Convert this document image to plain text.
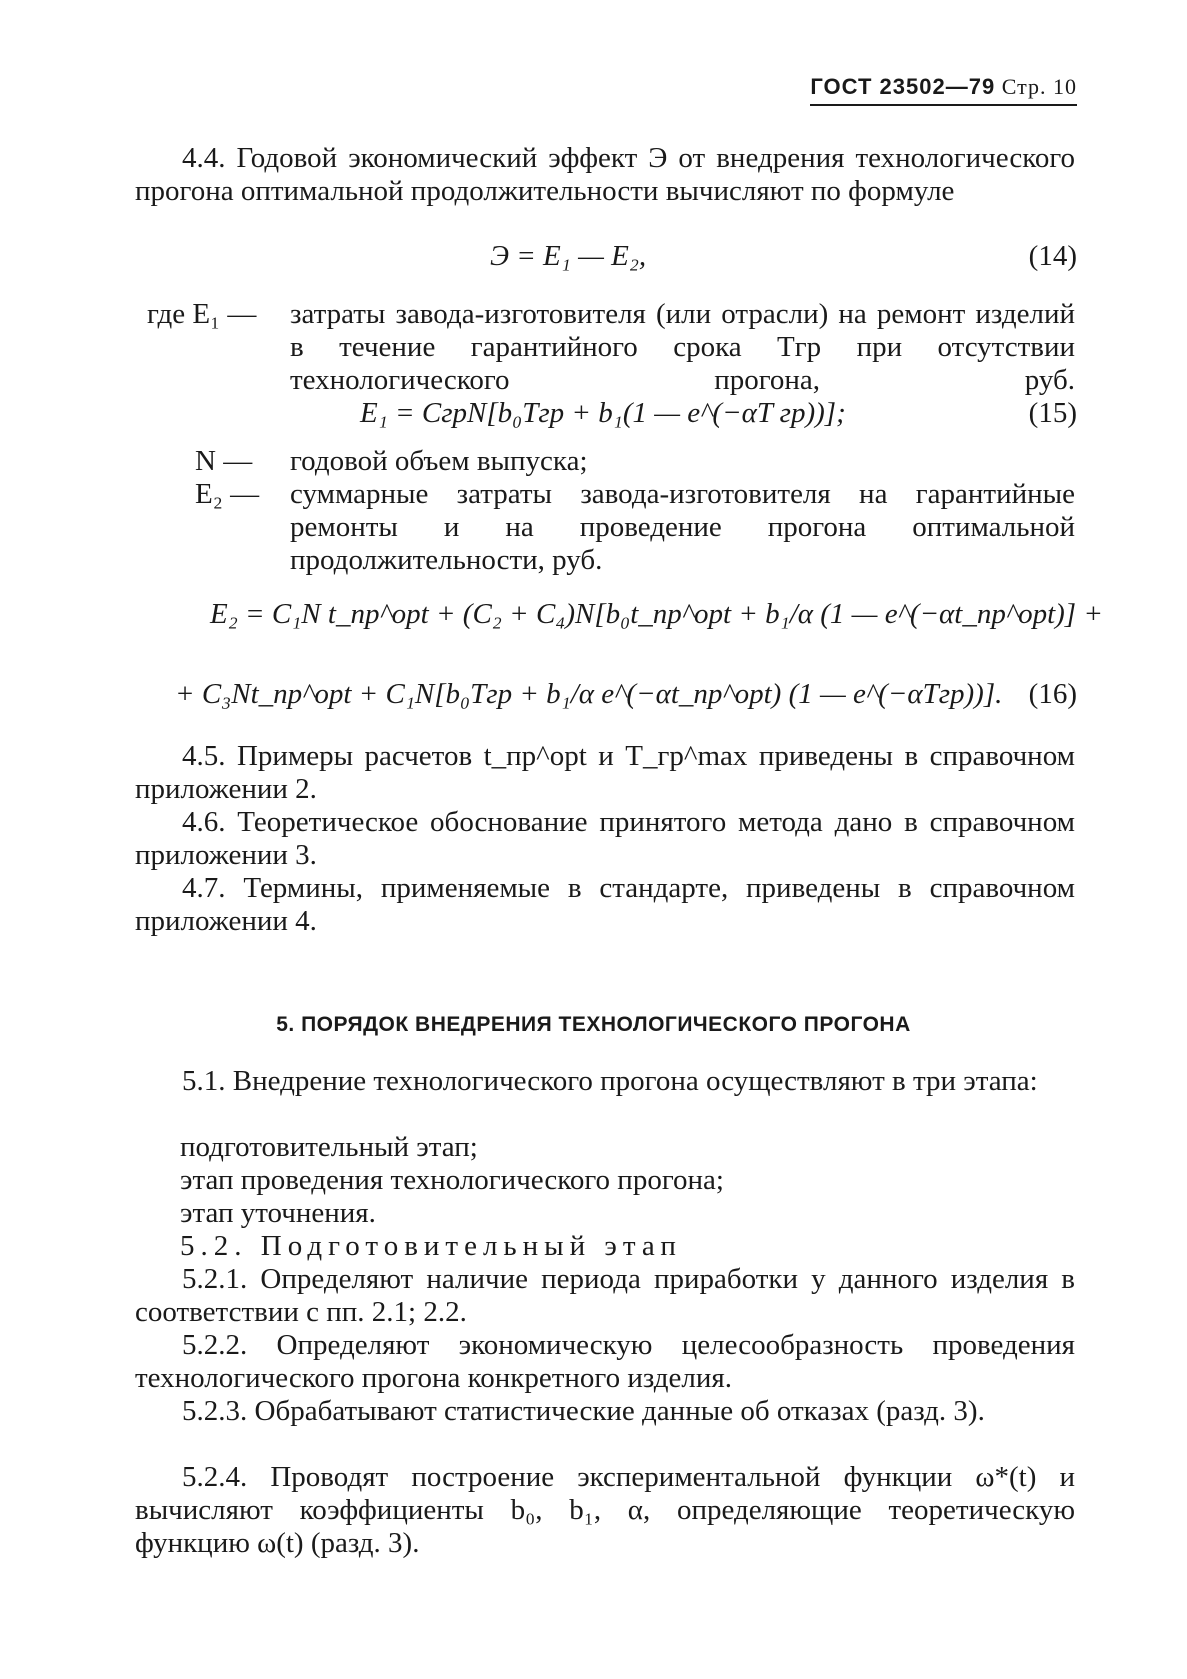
ГОСТ 23502—79 Стр. 10
4.4. Годовой экономический эффект Э от внедрения технологического прогона оптимальной продолжительности вычисляют по формуле
Э = E₁ — E₂,	(14)
где E₁ — затраты завода-изготовителя (или отрасли) на ремонт изделий в течение гарантийного срока Tгр при отсутствии технологического прогона, руб.
E₁ = CгрN[b₀Tгр + b₁(1 — e^(−αT гр))];	(15)
N — годовой объем выпуска;
E₂ — суммарные затраты завода-изготовителя на гарантийные ремонты и на проведение прогона оптимальной продолжительности, руб.
E₂ = C₁N t_пр^opt + (C₂ + C₄)N[b₀t_пр^opt + b₁/α (1 — e^(−αt_пр^opt)] +
+ C₃Nt_пр^opt + C₁N[b₀Tгр + b₁/α e^(−αt_пр^opt) (1 — e^(−αTгр))]. (16)
4.5. Примеры расчетов t_пр^opt и T_гр^max приведены в справочном приложении 2.
4.6. Теоретическое обоснование принятого метода дано в справочном приложении 3.
4.7. Термины, применяемые в стандарте, приведены в справочном приложении 4.
5. ПОРЯДОК ВНЕДРЕНИЯ ТЕХНОЛОГИЧЕСКОГО ПРОГОНА
5.1. Внедрение технологического прогона осуществляют в три этапа:
подготовительный этап;
этап проведения технологического прогона;
этап уточнения.
5.2. Подготовительный этап
5.2.1. Определяют наличие периода приработки у данного изделия в соответствии с пп. 2.1; 2.2.
5.2.2. Определяют экономическую целесообразность проведения технологического прогона конкретного изделия.
5.2.3. Обрабатывают статистические данные об отказах (разд. 3).
5.2.4. Проводят построение экспериментальной функции ω*(t) и вычисляют коэффициенты b₀, b₁, α, определяющие теоретическую функцию ω(t) (разд. 3).
